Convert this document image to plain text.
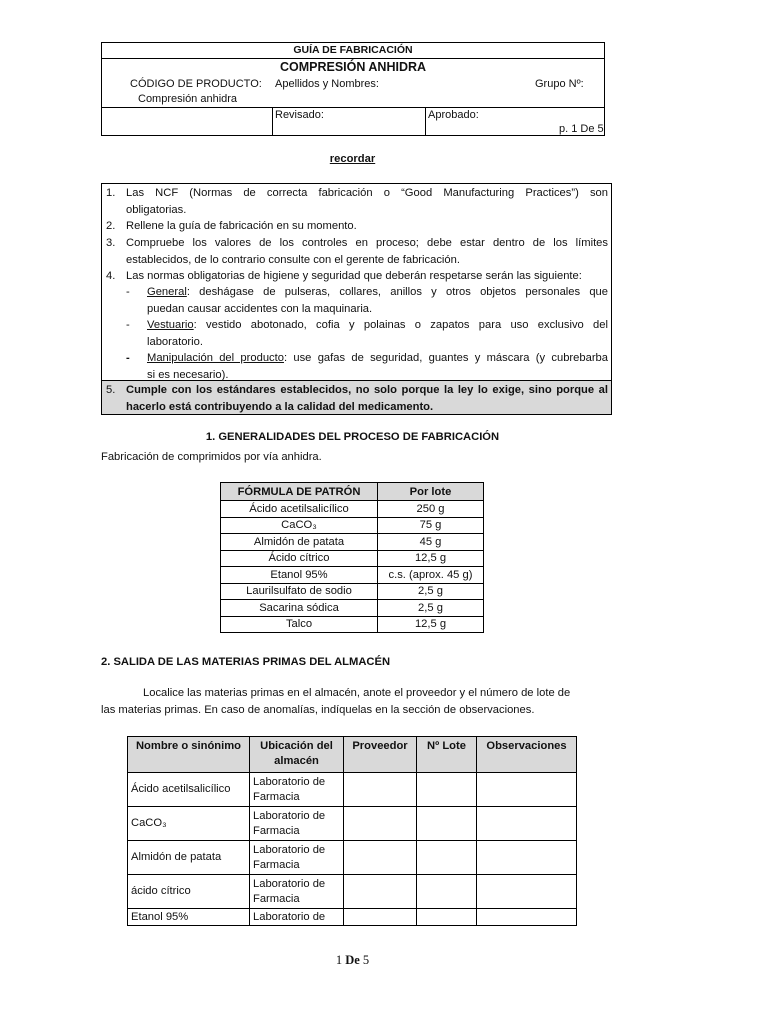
GUÍA DE FABRICACIÓN
COMPRESIÓN ANHIDRA
CÓDIGO DE PRODUCTO:
Compresión anhidra
Apellidos y Nombres:	Grupo Nº:
Revisado:	Aprobado:
p. 1 De 5
recordar
1. Las NCF (Normas de correcta fabricación o “Good Manufacturing Practices”) son
obligatorias.
2. Rellene la guía de fabricación en su momento.
3. Compruebe los valores de los controles en proceso; debe estar dentro de los límites
establecidos, de lo contrario consulte con el gerente de fabricación.
4. Las normas obligatorias de higiene y seguridad que deberán respetarse serán las siguiente:
- General: deshágase de pulseras, collares, anillos y otros objetos personales que
puedan causar accidentes con la maquinaria.
- Vestuario: vestido abotonado, cofia y polainas o zapatos para uso exclusivo del
laboratorio.
- Manipulación del producto: use gafas de seguridad, guantes y máscara (y cubrebarba
si es necesario).
5. Cumple con los estándares establecidos, no solo porque la ley lo exige, sino porque al
hacerlo está contribuyendo a la calidad del medicamento.
1. GENERALIDADES DEL PROCESO DE FABRICACIÓN
Fabricación de comprimidos por vía anhidra.
FÓRMULA DE PATRÓN	Por lote
Ácido acetilsalicílico	250 g
CaCO₃	75 g
Almidón de patata	45 g
Ácido cítrico	12,5 g
Etanol 95%	c.s. (aprox. 45 g)
Laurilsulfato de sodio	2,5 g
Sacarina sódica	2,5 g
Talco	12,5 g
2. SALIDA DE LAS MATERIAS PRIMAS DEL ALMACÉN
Localice las materias primas en el almacén, anote el proveedor y el número de lote de
las materias primas. En caso de anomalías, indíquelas en la sección de observaciones.
Nombre o sinónimo	Ubicación del almacén	Proveedor	Nº Lote	Observaciones
Ácido acetilsalicílico	Laboratorio de Farmacia			
CaCO₃	Laboratorio de Farmacia			
Almidón de patata	Laboratorio de Farmacia			
ácido cítrico	Laboratorio de Farmacia			
Etanol 95%	Laboratorio de			
1 De 5
